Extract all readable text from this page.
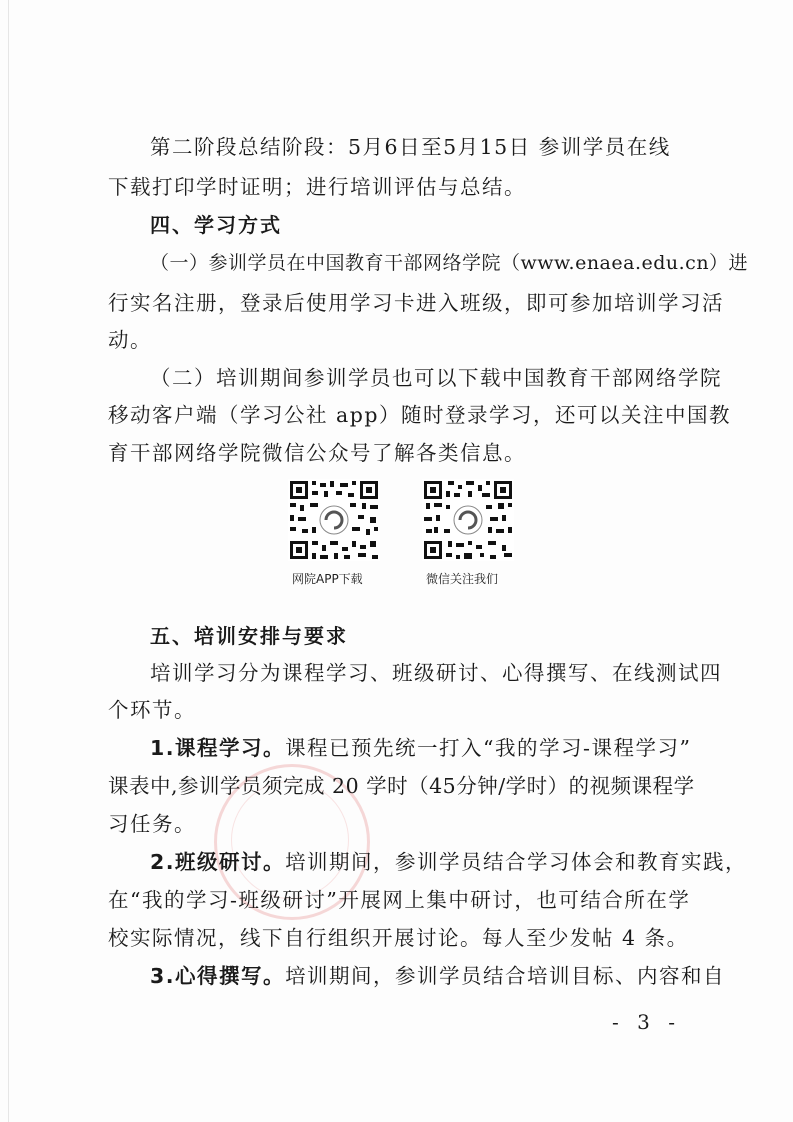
第二阶段总结阶段：5月6日至5月15日 参训学员在线
下载打印学时证明；进行培训评估与总结。
四、学习方式
（一）参训学员在中国教育干部网络学院（www.enaea.edu.cn）进
行实名注册，登录后使用学习卡进入班级，即可参加培训学习活
动。
（二）培训期间参训学员也可以下载中国教育干部网络学院
移动客户端（学习公社 app）随时登录学习，还可以关注中国教
育干部网络学院微信公众号了解各类信息。
网院APP下载	微信关注我们
五、培训安排与要求
培训学习分为课程学习、班级研讨、心得撰写、在线测试四
个环节。
1.课程学习。课程已预先统一打入“我的学习-课程学习”
课表中,参训学员须完成 20 学时（45分钟/学时）的视频课程学
习任务。
2.班级研讨。培训期间，参训学员结合学习体会和教育实践，
在“我的学习-班级研讨”开展网上集中研讨，也可结合所在学
校实际情况，线下自行组织开展讨论。每人至少发帖 4 条。
3.心得撰写。培训期间，参训学员结合培训目标、内容和自
- 3 -
